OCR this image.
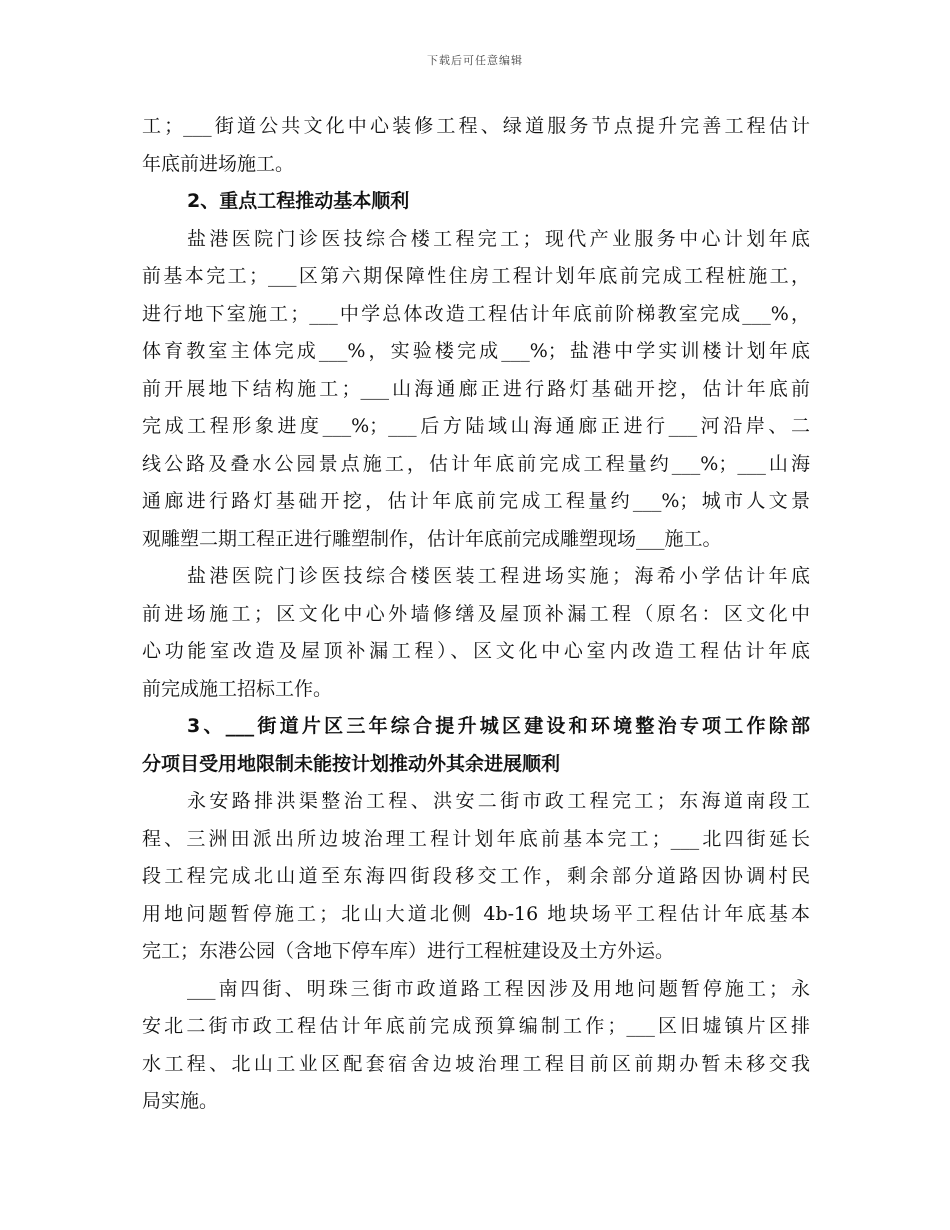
下载后可任意编辑
工；___街道公共文化中心装修工程、绿道服务节点提升完善工程估计
年底前进场施工。
2、重点工程推动基本顺利
盐港医院门诊医技综合楼工程完工；现代产业服务中心计划年底
前基本完工；___区第六期保障性住房工程计划年底前完成工程桩施工，
进行地下室施工；___中学总体改造工程估计年底前阶梯教室完成___%，
体育教室主体完成___%，实验楼完成___%；盐港中学实训楼计划年底
前开展地下结构施工；___山海通廊正进行路灯基础开挖，估计年底前
完成工程形象进度___%；___后方陆域山海通廊正进行___河沿岸、二
线公路及叠水公园景点施工，估计年底前完成工程量约___%；___山海
通廊进行路灯基础开挖，估计年底前完成工程量约___%；城市人文景
观雕塑二期工程正进行雕塑制作，估计年底前完成雕塑现场___施工。
盐港医院门诊医技综合楼医装工程进场实施；海希小学估计年底
前进场施工；区文化中心外墙修缮及屋顶补漏工程（原名：区文化中
心功能室改造及屋顶补漏工程）、区文化中心室内改造工程估计年底
前完成施工招标工作。
3、___街道片区三年综合提升城区建设和环境整治专项工作除部
分项目受用地限制未能按计划推动外其余进展顺利
永安路排洪渠整治工程、洪安二街市政工程完工；东海道南段工
程、三洲田派出所边坡治理工程计划年底前基本完工；___北四街延长
段工程完成北山道至东海四街段移交工作，剩余部分道路因协调村民
用地问题暂停施工；北山大道北侧 4b-16 地块场平工程估计年底基本
完工；东港公园（含地下停车库）进行工程桩建设及土方外运。
___南四街、明珠三街市政道路工程因涉及用地问题暂停施工；永
安北二街市政工程估计年底前完成预算编制工作；___区旧墟镇片区排
水工程、北山工业区配套宿舍边坡治理工程目前区前期办暂未移交我
局实施。
